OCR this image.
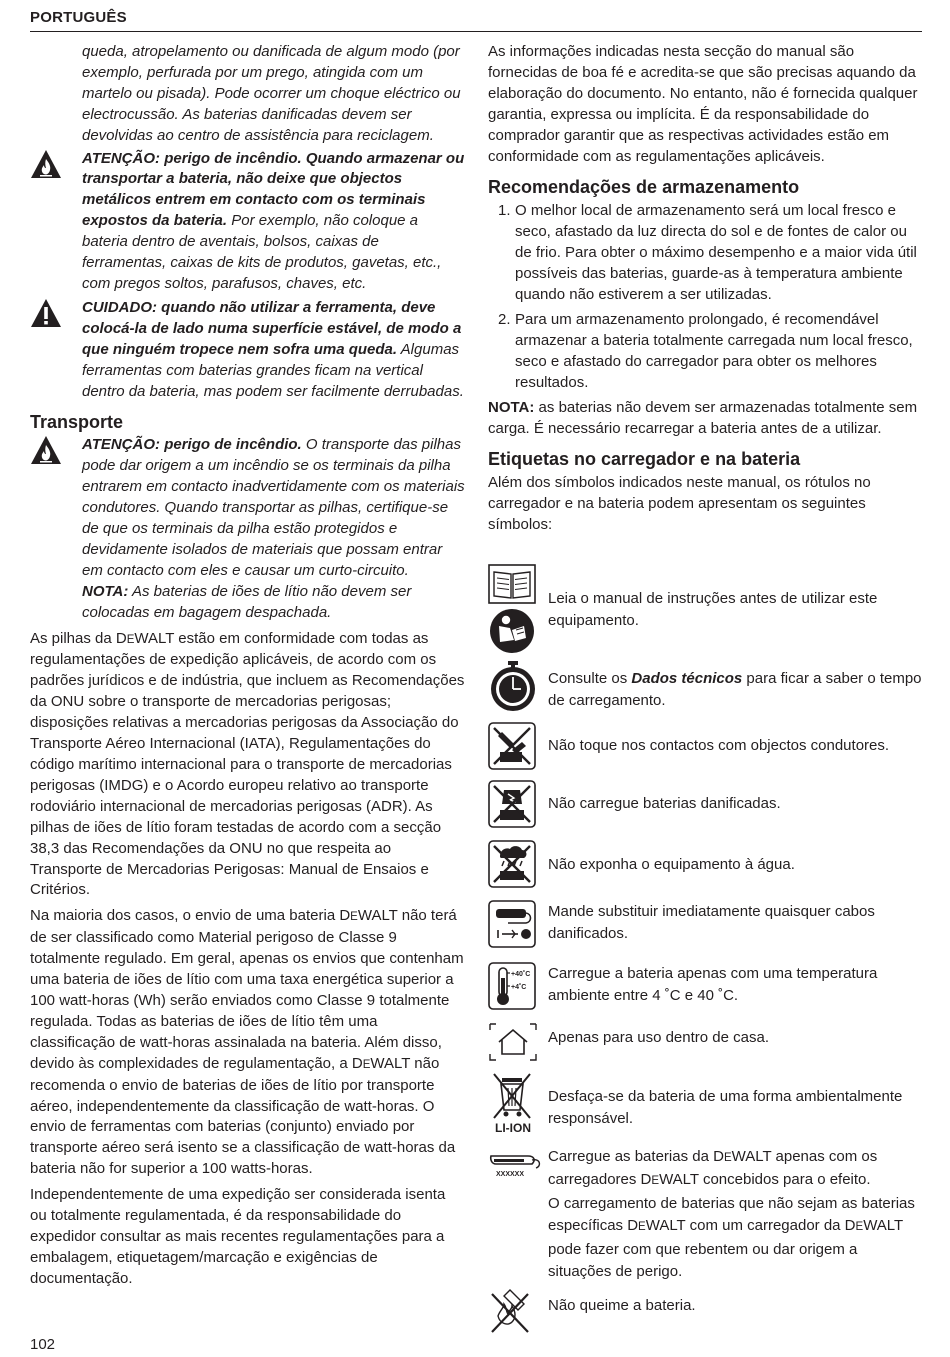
PORTUGUÊS

queda, atropelamento ou danificada de algum modo (por exemplo, perfurada por um prego, atingida com um martelo ou pisada). Pode ocorrer um choque eléctrico ou electrocussão. As baterias danificadas devem ser devolvidas ao centro de assistência para reciclagem.

ATENÇÃO: perigo de incêndio. Quando armazenar ou transportar a bateria, não deixe que objectos metálicos entrem em contacto com os terminais expostos da bateria. Por exemplo, não coloque a bateria dentro de aventais, bolsos, caixas de ferramentas, caixas de kits de produtos, gavetas, etc., com pregos soltos, parafusos, chaves, etc.

CUIDADO: quando não utilizar a ferramenta, deve colocá-la de lado numa superfície estável, de modo a que ninguém tropece nem sofra uma queda. Algumas ferramentas com baterias grandes ficam na vertical dentro da bateria, mas podem ser facilmente derrubadas.

Transporte

ATENÇÃO: perigo de incêndio. O transporte das pilhas pode dar origem a um incêndio se os terminais da pilha entrarem em contacto inadvertidamente com os materiais condutores. Quando transportar as pilhas, certifique-se de que os terminais da pilha estão protegidos e devidamente isolados de materiais que possam entrar em contacto com eles e causar um curto-circuito.

NOTA: As baterias de iões de lítio não devem ser colocadas em bagagem despachada.

As pilhas da DEWALT estão em conformidade com todas as regulamentações de expedição aplicáveis, de acordo com os padrões jurídicos e de indústria, que incluem as Recomendações da ONU sobre o transporte de mercadorias perigosas; disposições relativas a mercadorias perigosas da Associação do Transporte Aéreo Internacional (IATA), Regulamentações do código marítimo internacional para o transporte de mercadorias perigosas (IMDG) e o Acordo europeu relativo ao transporte rodoviário internacional de mercadorias perigosas (ADR). As pilhas de iões de lítio foram testadas de acordo com a secção 38,3 das Recomendações da ONU no que respeita ao Transporte de Mercadorias Perigosas: Manual de Ensaios e Critérios.

Na maioria dos casos, o envio de uma bateria DEWALT não terá de ser classificado como Material perigoso de Classe 9 totalmente regulado. Em geral, apenas os envios que contenham uma bateria de iões de lítio com uma taxa energética superior a 100 watt-horas (Wh) serão enviados como Classe 9 totalmente regulada. Todas as baterias de iões de lítio têm uma classificação de watt-horas assinalada na bateria. Além disso, devido às complexidades de regulamentação, a DEWALT não recomenda o envio de baterias de iões de lítio por transporte aéreo, independentemente da classificação de watt-horas. O envio de ferramentas com baterias (conjunto) enviado por transporte aéreo será isento se a classificação de watt-horas da bateria não for superior a 100 watts-horas.

Independentemente de uma expedição ser considerada isenta ou totalmente regulamentada, é da responsabilidade do expedidor consultar as mais recentes regulamentações para a embalagem, etiquetagem/marcação e exigências de documentação.

As informações indicadas nesta secção do manual são fornecidas de boa fé e acredita-se que são precisas aquando da elaboração do documento. No entanto, não é fornecida qualquer garantia, expressa ou implícita. É da responsabilidade do comprador garantir que as respectivas actividades estão em conformidade com as regulamentações aplicáveis.

Recomendações de armazenamento
1. O melhor local de armazenamento será um local fresco e seco, afastado da luz directa do sol e de fontes de calor ou de frio. Para obter o máximo desempenho e a maior vida útil possíveis das baterias, guarde-as à temperatura ambiente quando não estiverem a ser utilizadas.
2. Para um armazenamento prolongado, é recomendável armazenar a bateria totalmente carregada num local fresco, seco e afastado do carregador para obter os melhores resultados.

NOTA: as baterias não devem ser armazenadas totalmente sem carga. É necessário recarregar a bateria antes de a utilizar.

Etiquetas no carregador e na bateria

Além dos símbolos indicados neste manual, os rótulos no carregador e na bateria podem apresentam os seguintes símbolos:

Leia o manual de instruções antes de utilizar este equipamento.
Consulte os Dados técnicos para ficar a saber o tempo de carregamento.
Não toque nos contactos com objectos condutores.
Não carregue baterias danificadas.
Não exponha o equipamento à água.
Mande substituir imediatamente quaisquer cabos danificados.
+40˚C
+4˚C
Carregue a bateria apenas com uma temperatura ambiente entre 4 ˚C e 40 ˚C.
Apenas para uso dentro de casa.
LI-ION
Desfaça-se da bateria de uma forma ambientalmente responsável.
XXXXXX
Carregue as baterias da DEWALT apenas com os carregadores DEWALT concebidos para o efeito.
O carregamento de baterias que não sejam as baterias específicas DEWALT com um carregador da DEWALT pode fazer com que rebentem ou dar origem a situações de perigo.
Não queime a bateria.
102
